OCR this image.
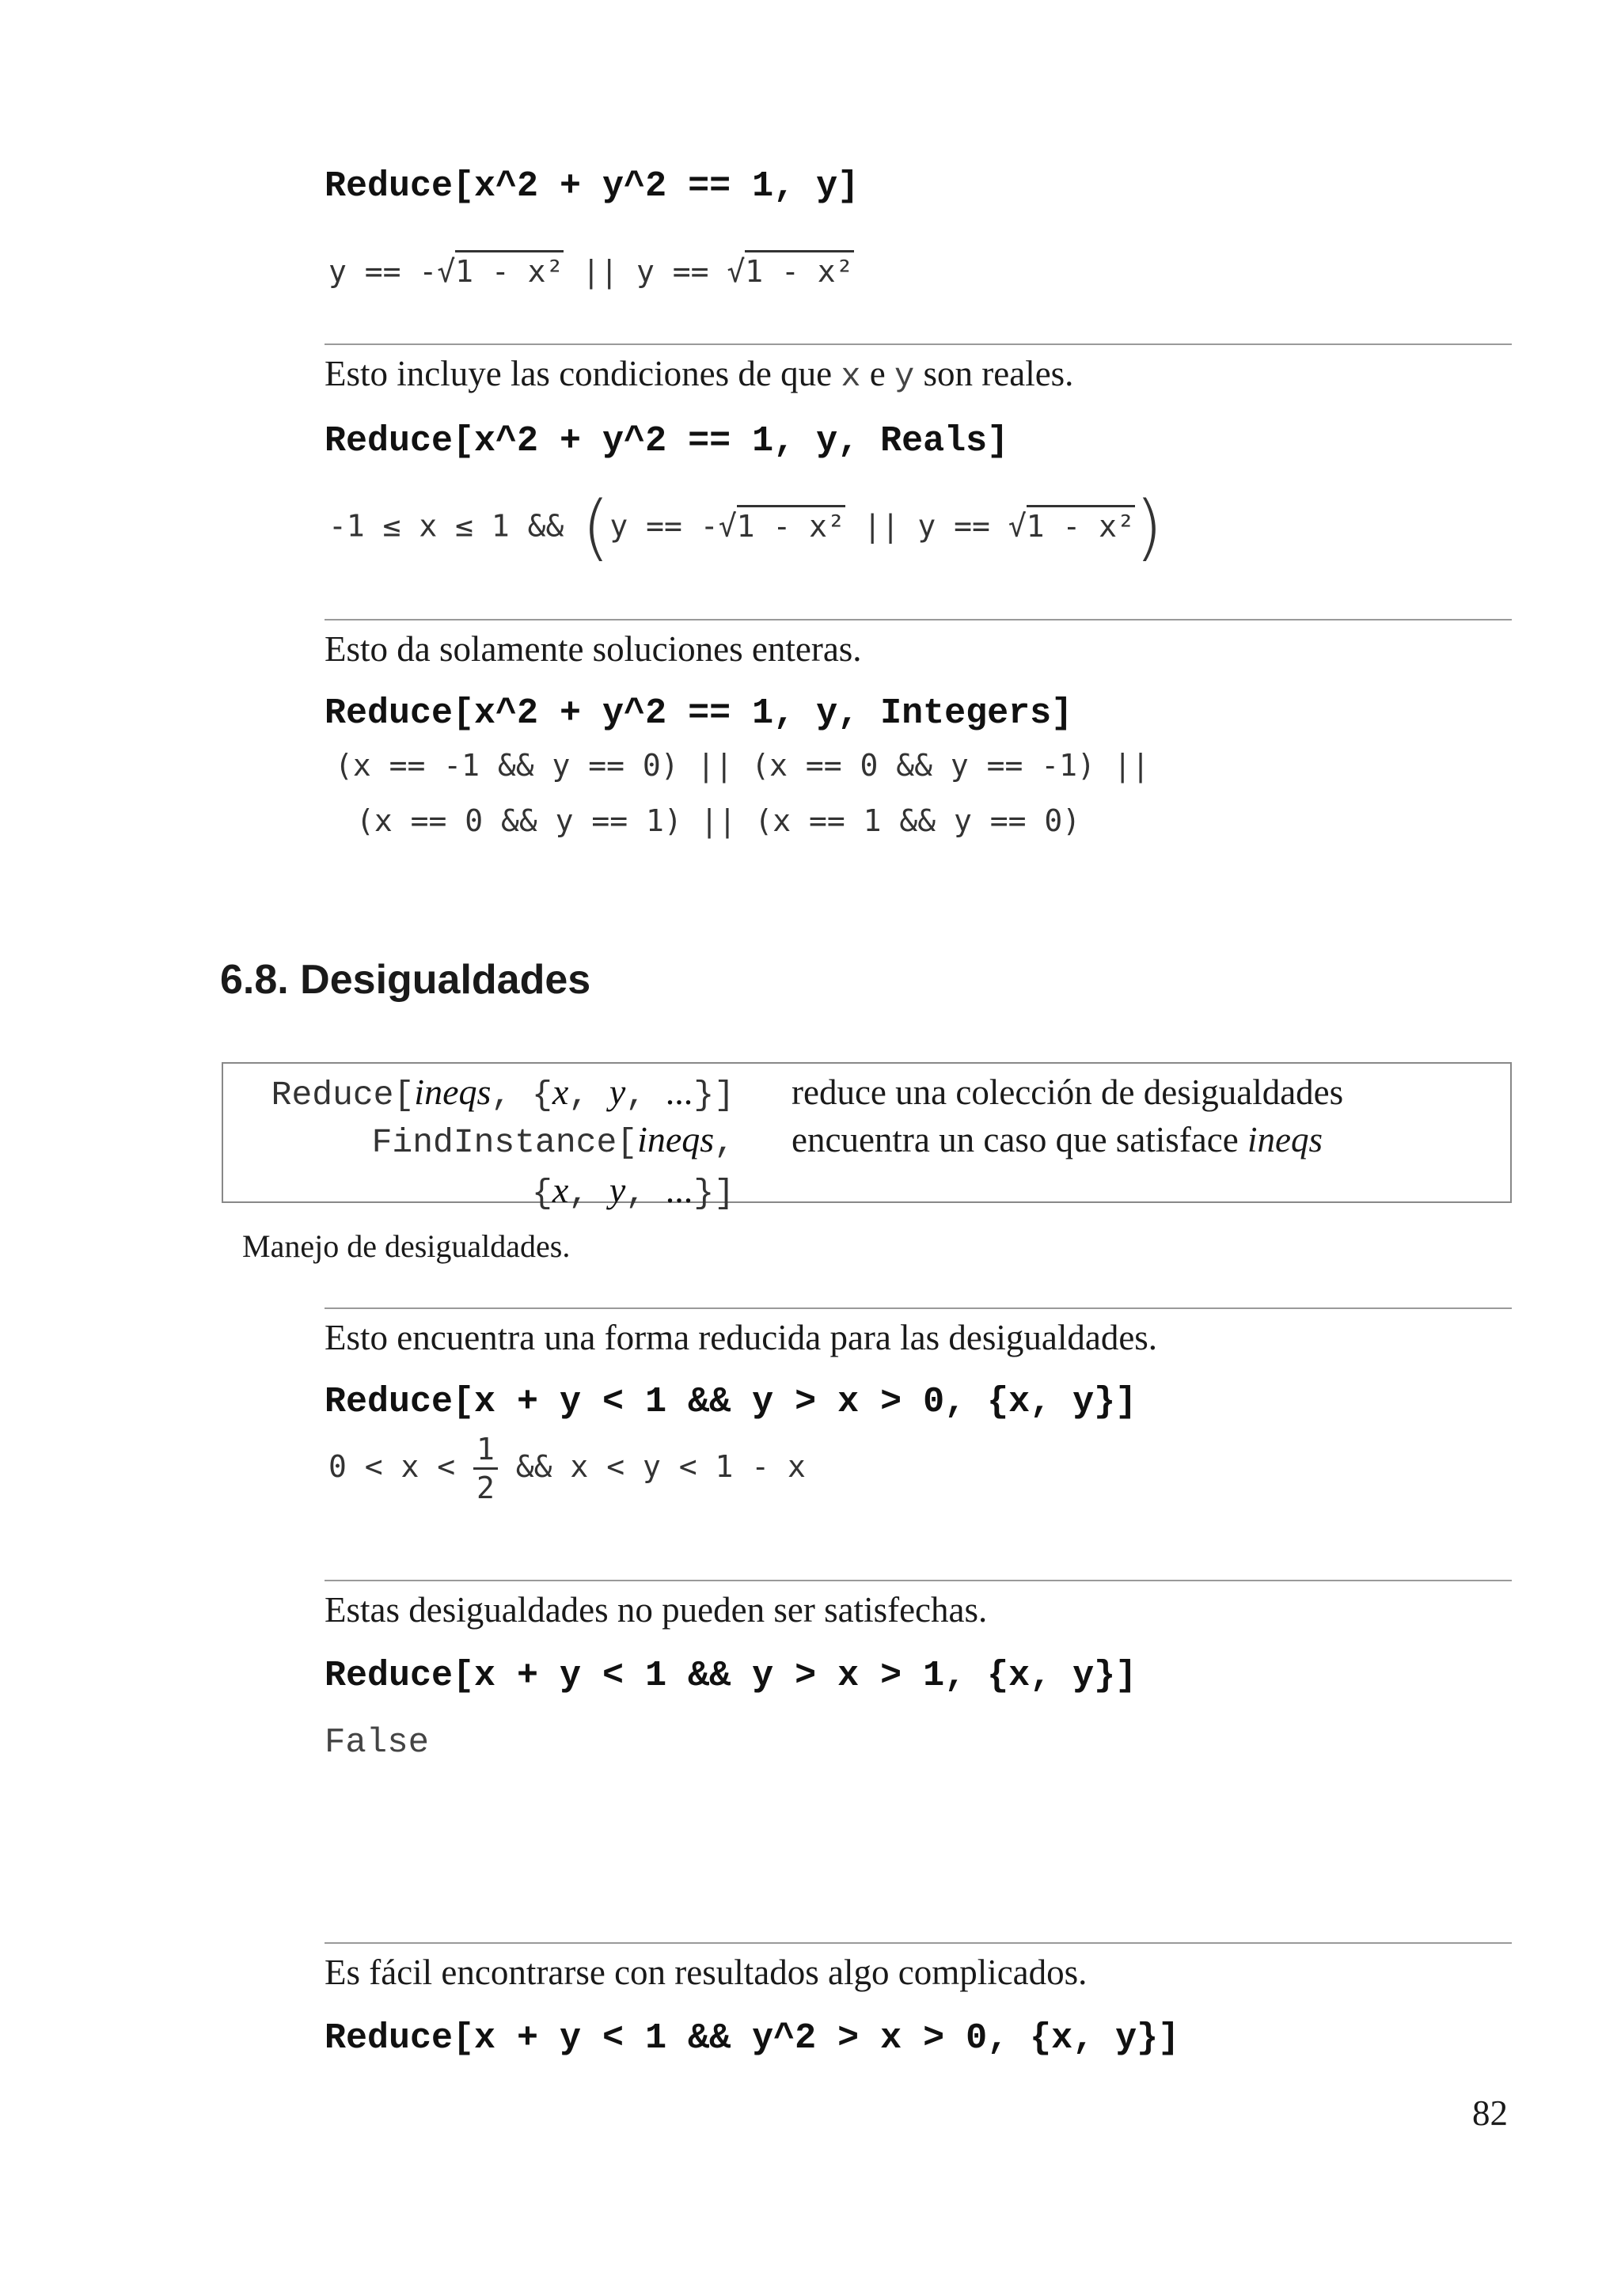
Reduce[x^2 + y^2 == 1, y]
y == -√1 - x² || y == √1 - x²
Esto incluye las condiciones de que x e y son reales.
Reduce[x^2 + y^2 == 1, y, Reals]
-1 ≤ x ≤ 1 && (y == -√1 - x² || y == √1 - x²)
Esto da solamente soluciones enteras.
Reduce[x^2 + y^2 == 1, y, Integers]
(x == -1 && y == 0) || (x == 0 && y == -1) ||
(x == 0 && y == 1) || (x == 1 && y == 0)
6.8. Desigualdades
Reduce[ineqs, {x, y, ...}] reduce una colección de desigualdades
FindInstance[ineqs,
{x, y, ...}]
encuentra un caso que satisface ineqs
Manejo de desigualdades.
Esto encuentra una forma reducida para las desigualdades.
Reduce[x + y < 1 && y > x > 0, {x, y}]
$0 < x < \frac{1}{2}$ && x < y < 1 - x
Estas desigualdades no pueden ser satisfechas.
Reduce[x + y < 1 && y > x > 1, {x, y}]
False
Es fácil encontrarse con resultados algo complicados.
Reduce[x + y < 1 && y^2 > x > 0, {x, y}]
82
